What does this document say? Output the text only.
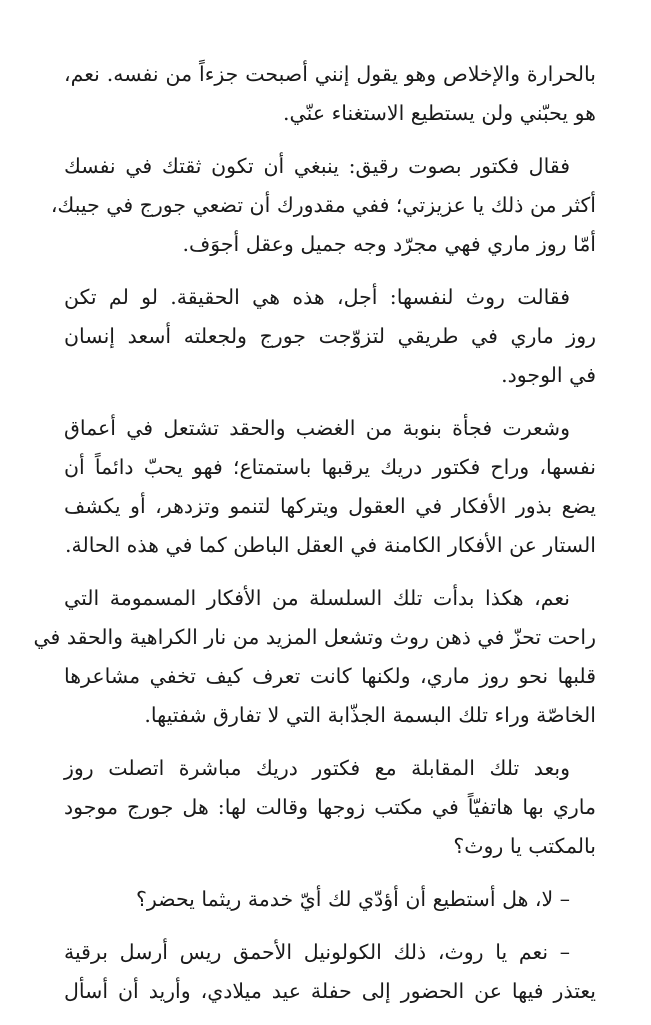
بالحرارة والإخلاص وهو يقول إنني أصبحت جزءاً من نفسه. نعم،
هو يحبّني ولن يستطيع الاستغناء عنّي.
فقال فكتور بصوت رقيق: ينبغي أن تكون ثقتك في نفسك
أكثر من ذلك يا عزيزتي؛ ففي مقدورك أن تضعي جورج في جيبك،
أمّا روز ماري فهي مجرّد وجه جميل وعقل أجوَف.
فقالت روث لنفسها: أجل، هذه هي الحقيقة. لو لم تكن
روز ماري في طريقي لتزوّجت جورج ولجعلته أسعد إنسان
في الوجود.
وشعرت فجأة بنوبة من الغضب والحقد تشتعل في أعماق
نفسها، وراح فكتور دريك يرقبها باستمتاع؛ فهو يحبّ دائماً أن
يضع بذور الأفكار في العقول ويتركها لتنمو وتزدهر، أو يكشف
الستار عن الأفكار الكامنة في العقل الباطن كما في هذه الحالة.
نعم، هكذا بدأت تلك السلسلة من الأفكار المسمومة التي
راحت تحزّ في ذهن روث وتشعل المزيد من نار الكراهية والحقد في
قلبها نحو روز ماري، ولكنها كانت تعرف كيف تخفي مشاعرها
الخاصّة وراء تلك البسمة الجذّابة التي لا تفارق شفتيها.
وبعد تلك المقابلة مع فكتور دريك مباشرة اتصلت روز
ماري بها هاتفيّاً في مكتب زوجها وقالت لها: هل جورج موجود
بالمكتب يا روث؟
– لا، هل أستطيع أن أؤدّي لك أيّ خدمة ريثما يحضر؟
– نعم يا روث، ذلك الكولونيل الأحمق ريس أرسل برقية
يعتذر فيها عن الحضور إلى حفلة عيد ميلادي، وأريد أن أسأل
